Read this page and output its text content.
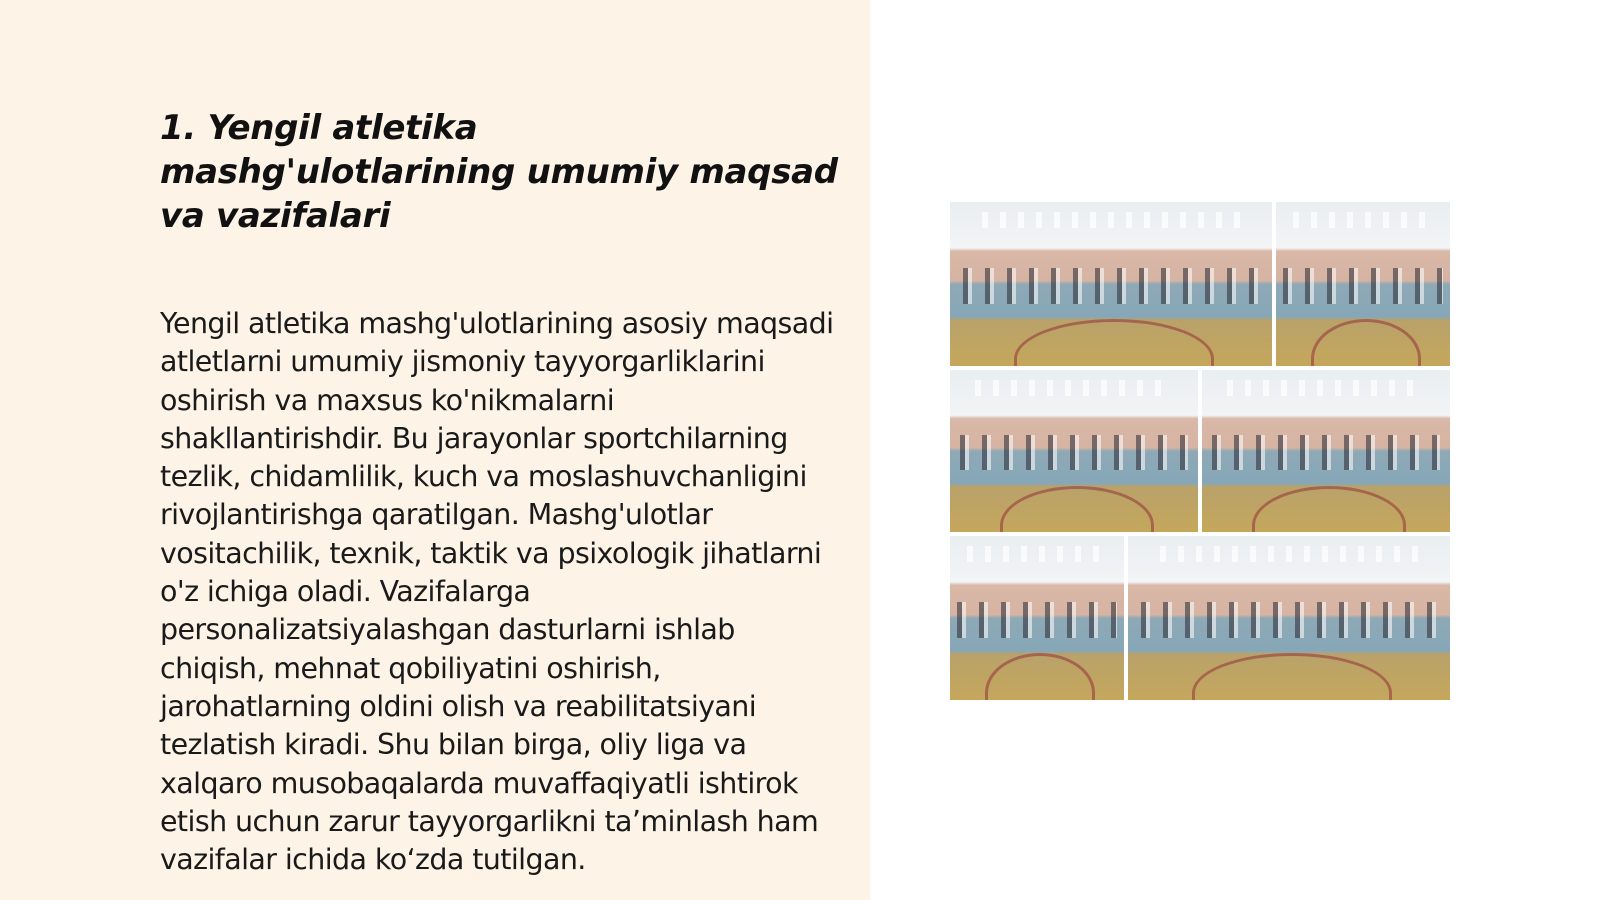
1. Yengil atletika mashg'ulotlarining umumiy maqsad va vazifalari

Yengil atletika mashg'ulotlarining asosiy maqsadi atletlarni umumiy jismoniy tayyorgarliklarini oshirish va maxsus ko'nikmalarni shakllantirishdir. Bu jarayonlar sportchilarning tezlik, chidamlilik, kuch va moslashuvchanligini rivojlantirishga qaratilgan. Mashg'ulotlar vositachilik, texnik, taktik va psixologik jihatlarni o'z ichiga oladi. Vazifalarga personalizatsiyalashgan dasturlarni ishlab chiqish, mehnat qobiliyatini oshirish, jarohatlarning oldini olish va reabilitatsiyani tezlatish kiradi. Shu bilan birga, oliy liga va xalqaro musobaqalarda muvaffaqiyatli ishtirok etish uchun zarur tayyorgarlikni taʼminlash ham vazifalar ichida koʻzda tutilgan.
